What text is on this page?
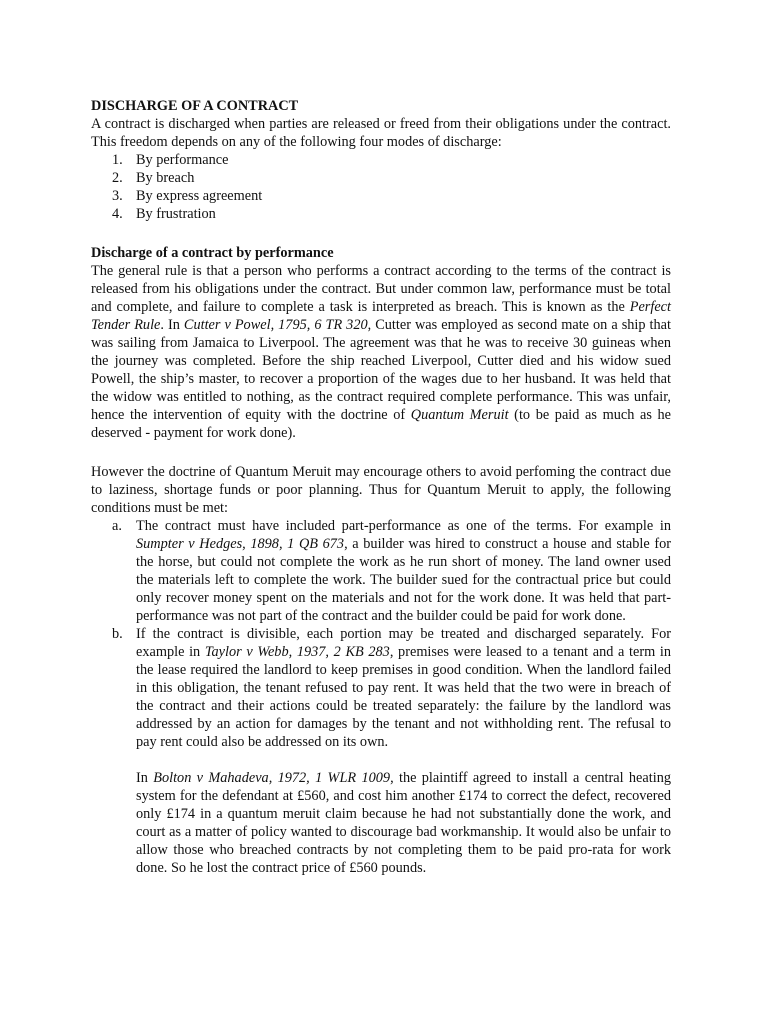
DISCHARGE OF A CONTRACT

A contract is discharged when parties are released or freed from their obligations under the contract. This freedom depends on any of the following four modes of discharge:

1. By performance
2. By breach
3. By express agreement
4. By frustration
Discharge of a contract by performance

The general rule is that a person who performs a contract according to the terms of the contract is released from his obligations under the contract. But under common law, performance must be total and complete, and failure to complete a task is interpreted as breach. This is known as the Perfect Tender Rule. In Cutter v Powel, 1795, 6 TR 320, Cutter was employed as second mate on a ship that was sailing from Jamaica to Liverpool. The agreement was that he was to receive 30 guineas when the journey was completed. Before the ship reached Liverpool, Cutter died and his widow sued Powell, the ship’s master, to recover a proportion of the wages due to her husband. It was held that the widow was entitled to nothing, as the contract required complete performance. This was unfair, hence the intervention of equity with the doctrine of Quantum Meruit (to be paid as much as he deserved - payment for work done).

However the doctrine of Quantum Meruit may encourage others to avoid perfoming the contract due to laziness, shortage funds or poor planning. Thus for Quantum Meruit to apply, the following conditions must be met:

a. The contract must have included part-performance as one of the terms. For example in Sumpter v Hedges, 1898, 1 QB 673, a builder was hired to construct a house and stable for the horse, but could not complete the work as he run short of money. The land owner used the materials left to complete the work. The builder sued for the contractual price but could only recover money spent on the materials and not for the work done. It was held that part-performance was not part of the contract and the builder could be paid for work done.
b. If the contract is divisible, each portion may be treated and discharged separately. For example in Taylor v Webb, 1937, 2 KB 283, premises were leased to a tenant and a term in the lease required the landlord to keep premises in good condition. When the landlord failed in this obligation, the tenant refused to pay rent. It was held that the two were in breach of the contract and their actions could be treated separately: the failure by the landlord was addressed by an action for damages by the tenant and not withholding rent. The refusal to pay rent could also be addressed on its own.
In Bolton v Mahadeva, 1972, 1 WLR 1009, the plaintiff agreed to install a central heating system for the defendant at £560, and cost him another £174 to correct the defect, recovered only £174 in a quantum meruit claim because he had not substantially done the work, and court as a matter of policy wanted to discourage bad workmanship. It would also be unfair to allow those who breached contracts by not completing them to be paid pro-rata for work done. So he lost the contract price of £560 pounds.
